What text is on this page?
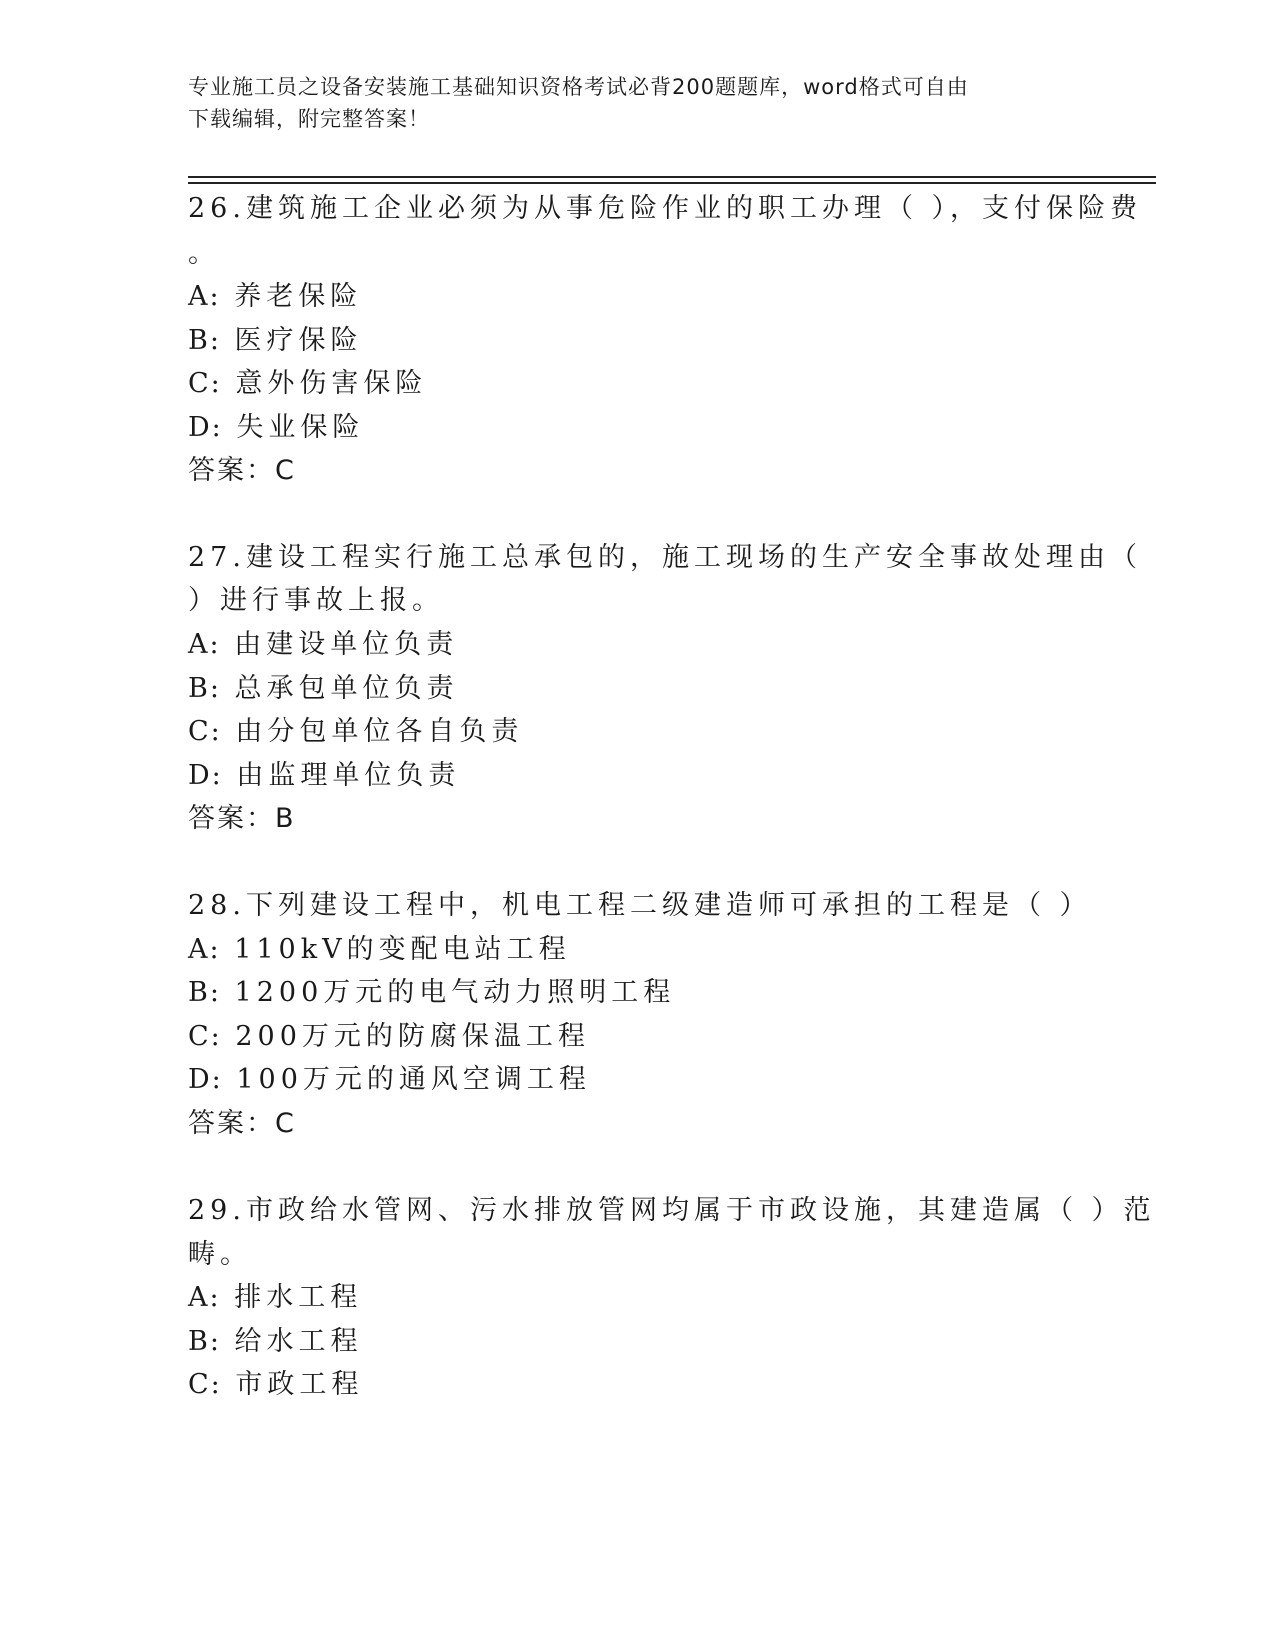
专业施工员之设备安装施工基础知识资格考试必背200题题库，word格式可自由
下载编辑，附完整答案！
26.建筑施工企业必须为从事危险作业的职工办理（ ），支付保险费
。
A: 养老保险
B: 医疗保险
C: 意外伤害保险
D: 失业保险
答案：C
27.建设工程实行施工总承包的，施工现场的生产安全事故处理由（
）进行事故上报。
A: 由建设单位负责
B: 总承包单位负责
C: 由分包单位各自负责
D: 由监理单位负责
答案：B
28.下列建设工程中，机电工程二级建造师可承担的工程是（ ）
A: 110kV的变配电站工程
B: 1200万元的电气动力照明工程
C: 200万元的防腐保温工程
D: 100万元的通风空调工程
答案：C
29.市政给水管网、污水排放管网均属于市政设施，其建造属（ ）范
畴。
A: 排水工程
B: 给水工程
C: 市政工程
